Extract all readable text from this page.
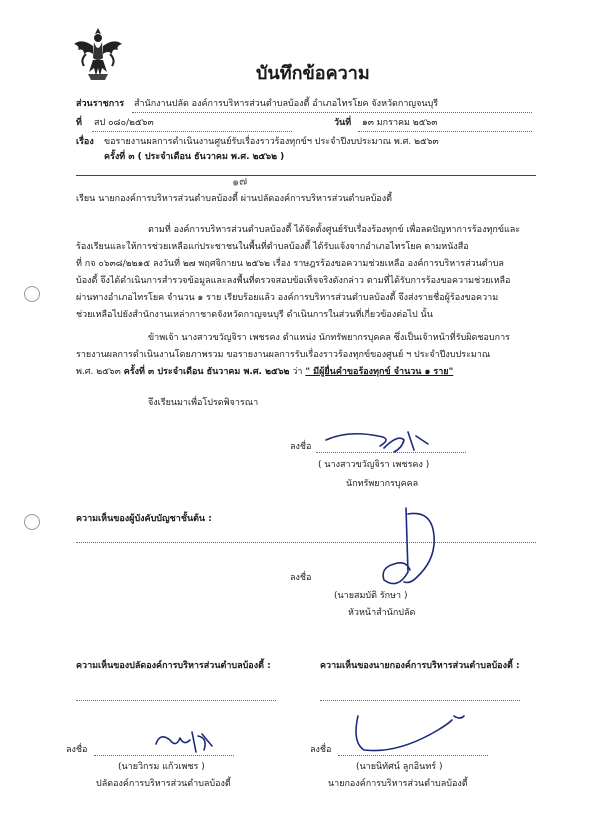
บันทึกข้อความ
ส่วนราชการ สำนักงานปลัด องค์การบริหารส่วนตำบลบ้องตี้ อำเภอไทรโยค จังหวัดกาญจนบุรี
ที่ สป ๐๘๐/๒๕๖๓	วันที่ ๑๓ มกราคม ๒๕๖๓
เรื่อง ขอรายงานผลการดำเนินงานศูนย์รับเรื่องราวร้องทุกข์ฯ ประจำปีงบประมาณ พ.ศ. ๒๕๖๓
ครั้งที่ ๓ ( ประจำเดือน ธันวาคม พ.ศ. ๒๕๖๒ )
๑๗
เรียน นายกองค์การบริหารส่วนตำบลบ้องตี้ ผ่านปลัดองค์การบริหารส่วนตำบลบ้องตี้
ตามที่ องค์การบริหารส่วนตำบลบ้องตี้ ได้จัดตั้งศูนย์รับเรื่องร้องทุกข์ เพื่อลดปัญหาการร้องทุกข์และ
ร้องเรียนและให้การช่วยเหลือแก่ประชาชนในพื้นที่ตำบลบ้องตี้ ได้รับแจ้งจากอำเภอไทรโยค ตามหนังสือ
ที่ กจ ๐๖๓๘/๒๒๑๕ ลงวันที่ ๒๗ พฤศจิกายน ๒๕๖๒ เรื่อง ราษฎรร้องขอความช่วยเหลือ องค์การบริหารส่วนตำบล
บ้องตี้ จึงได้ดำเนินการสำรวจข้อมูลและลงพื้นที่ตรวจสอบข้อเท็จจริงดังกล่าว ตามที่ได้รับการร้องขอความช่วยเหลือ
ผ่านทางอำเภอไทรโยค จำนวน ๑ ราย เรียบร้อยแล้ว องค์การบริหารส่วนตำบลบ้องตี้ จึงส่งรายชื่อผู้ร้องขอความ
ช่วยเหลือไปยังสำนักงานเหล่ากาชาดจังหวัดกาญจนบุรี ดำเนินการในส่วนที่เกี่ยวข้องต่อไป นั้น
ข้าพเจ้า นางสาวขวัญจิรา เพชรคง ตำแหน่ง นักทรัพยากรบุคคล ซึ่งเป็นเจ้าหน้าที่รับผิดชอบการ
รายงานผลการดำเนินงานโดยภาพรวม ขอรายงานผลการรับเรื่องราวร้องทุกข์ของศูนย์ ฯ ประจำปีงบประมาณ
พ.ศ. ๒๕๖๓ ครั้งที่ ๓ ประจำเดือน ธันวาคม พ.ศ. ๒๕๖๒ ว่า " มีผู้ยื่นคำขอร้องทุกข์ จำนวน ๑ ราย"
จึงเรียนมาเพื่อโปรดพิจารณา
ลงชื่อ
( นางสาวขวัญจิรา เพชรคง )
นักทรัพยากรบุคคล
ความเห็นของผู้บังคับบัญชาชั้นต้น :
ลงชื่อ
(นายสมบัติ รักษา )
หัวหน้าสำนักปลัด
ความเห็นของปลัดองค์การบริหารส่วนตำบลบ้องตี้ :	ความเห็นของนายกองค์การบริหารส่วนตำบลบ้องตี้ :
ลงชื่อ
(นายวิกรม แก้วเพชร )
ปลัดองค์การบริหารส่วนตำบลบ้องตี้
ลงชื่อ
(นายนิทัศน์ ลูกอินทร์ )
นายกองค์การบริหารส่วนตำบลบ้องตี้
